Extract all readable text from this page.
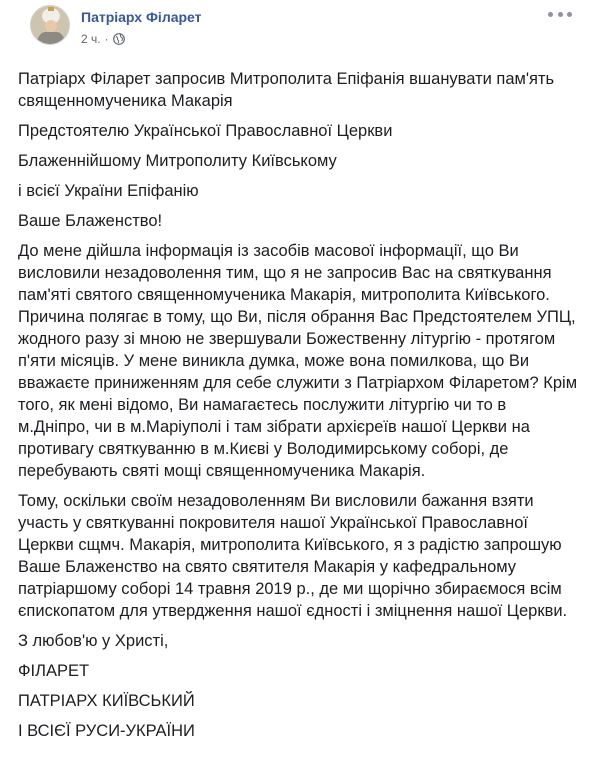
Патріарх Філарет
2 ч. ·
Патріарх Філарет запросив Митрополита Епіфанія вшанувати пам'ять
священномученика Макарія
Предстоятелю Української Православної Церкви
Блаженнійшому Митрополиту Київському
і всієї України Епіфанію
Ваше Блаженство!
До мене дійшла інформація із засобів масової інформації, що Ви
висловили незадоволення тим, що я не запросив Вас на святкування
пам'яті святого священномученика Макарія, митрополита Київського.
Причина полягає в тому, що Ви, після обрання Вас Предстоятелем УПЦ,
жодного разу зі мною не звершували Божественну літургію - протягом
п'яти місяців. У мене виникла думка, може вона помилкова, що Ви
вважаєте приниженням для себе служити з Патріархом Філаретом? Крім
того, як мені відомо, Ви намагаєтесь послужити літургію чи то в
м.Дніпро, чи в м.Маріуполі і там зібрати архієреїв нашої Церкви на
противагу святкуванню в м.Києві у Володимирському соборі, де
перебувають святі мощі священномученика Макарія.
Тому, оскільки своїм незадоволенням Ви висловили бажання взяти
участь у святкуванні покровителя нашої Української Православної
Церкви сщмч. Макарія, митрополита Київського, я з радістю запрошую
Ваше Блаженство на свято святителя Макарія у кафедральному
патріаршому соборі 14 травня 2019 р., де ми щорічно збираємося всім
єпископатом для утвердження нашої єдності і зміцнення нашої Церкви.
З любов'ю у Христі,
ФІЛАРЕТ
ПАТРІАРХ КИЇВСЬКИЙ
І ВСІЄЇ РУСИ-УКРАЇНИ
